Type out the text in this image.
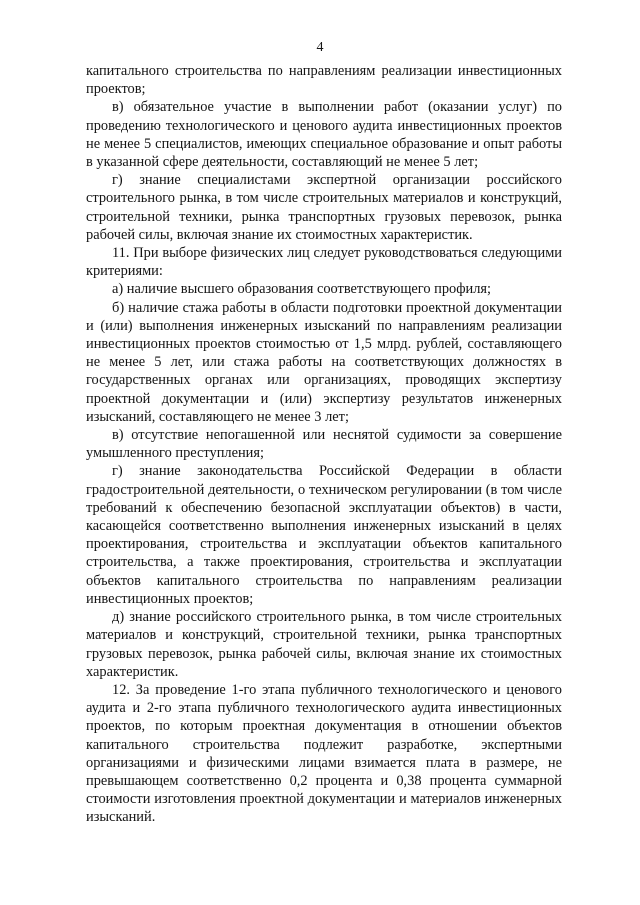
4

капитального строительства по направлениям реализации инвестиционных проектов;

в) обязательное участие в выполнении работ (оказании услуг) по проведению технологического и ценового аудита инвестиционных проектов не менее 5 специалистов, имеющих специальное образование и опыт работы в указанной сфере деятельности, составляющий не менее 5 лет;

г) знание специалистами экспертной организации российского строительного рынка, в том числе строительных материалов и конструкций, строительной техники, рынка транспортных грузовых перевозок, рынка рабочей силы, включая знание их стоимостных характеристик.

11. При выборе физических лиц следует руководствоваться следующими критериями:

а) наличие высшего образования соответствующего профиля;

б) наличие стажа работы в области подготовки проектной документации и (или) выполнения инженерных изысканий по направлениям реализации инвестиционных проектов стоимостью от 1,5 млрд. рублей, составляющего не менее 5 лет, или стажа работы на соответствующих должностях в государственных органах или организациях, проводящих экспертизу проектной документации и (или) экспертизу результатов инженерных изысканий, составляющего не менее 3 лет;

в) отсутствие непогашенной или неснятой судимости за совершение умышленного преступления;

г) знание законодательства Российской Федерации в области градостроительной деятельности, о техническом регулировании (в том числе требований к обеспечению безопасной эксплуатации объектов) в части, касающейся соответственно выполнения инженерных изысканий в целях проектирования, строительства и эксплуатации объектов капитального строительства, а также проектирования, строительства и эксплуатации объектов капитального строительства по направлениям реализации инвестиционных проектов;

д) знание российского строительного рынка, в том числе строительных материалов и конструкций, строительной техники, рынка транспортных грузовых перевозок, рынка рабочей силы, включая знание их стоимостных характеристик.

12. За проведение 1-го этапа публичного технологического и ценового аудита и 2-го этапа публичного технологического аудита инвестиционных проектов, по которым проектная документация в отношении объектов капитального строительства подлежит разработке, экспертными организациями и физическими лицами взимается плата в размере, не превышающем соответственно 0,2 процента и 0,38 процента суммарной стоимости изготовления проектной документации и материалов инженерных изысканий.
